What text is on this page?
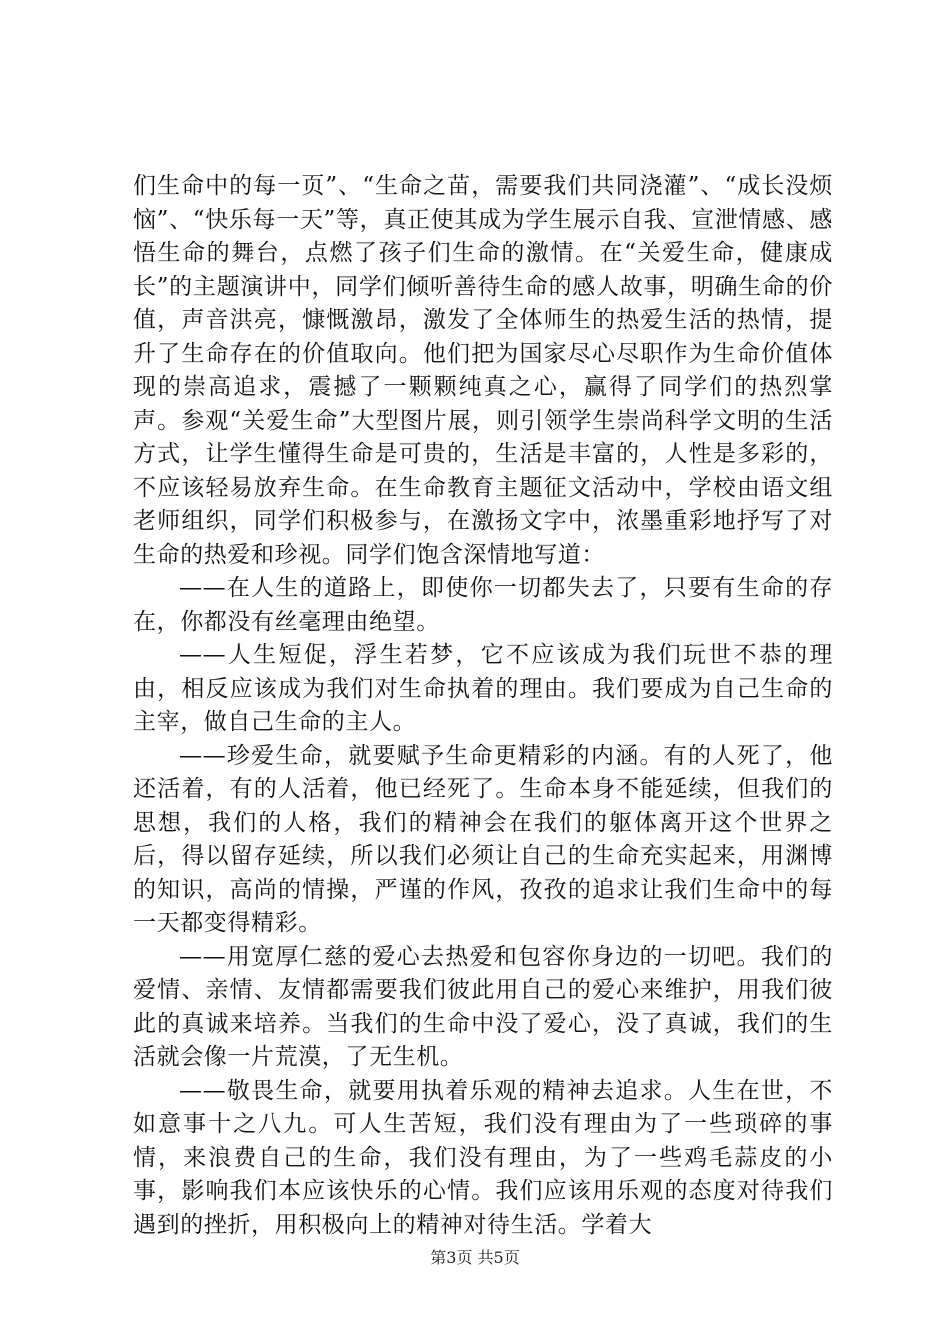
们生命中的每一页”、“生命之苗，需要我们共同浇灌”、“成长没烦恼”、“快乐每一天”等，真正使其成为学生展示自我、宣泄情感、感悟生命的舞台，点燃了孩子们生命的激情。在“关爱生命，健康成长”的主题演讲中，同学们倾听善待生命的感人故事，明确生命的价值，声音洪亮，慷慨激昂，激发了全体师生的热爱生活的热情，提升了生命存在的价值取向。他们把为国家尽心尽职作为生命价值体现的崇高追求，震撼了一颗颗纯真之心，赢得了同学们的热烈掌声。参观“关爱生命”大型图片展，则引领学生崇尚科学文明的生活方式，让学生懂得生命是可贵的，生活是丰富的，人性是多彩的，不应该轻易放弃生命。在生命教育主题征文活动中，学校由语文组老师组织，同学们积极参与，在激扬文字中，浓墨重彩地抒写了对生命的热爱和珍视。同学们饱含深情地写道：

——在人生的道路上，即使你一切都失去了，只要有生命的存在，你都没有丝毫理由绝望。

——人生短促，浮生若梦，它不应该成为我们玩世不恭的理由，相反应该成为我们对生命执着的理由。我们要成为自己生命的主宰，做自己生命的主人。

——珍爱生命，就要赋予生命更精彩的内涵。有的人死了，他还活着，有的人活着，他已经死了。生命本身不能延续，但我们的思想，我们的人格，我们的精神会在我们的躯体离开这个世界之后，得以留存延续，所以我们必须让自己的生命充实起来，用渊博的知识，高尚的情操，严谨的作风，孜孜的追求让我们生命中的每一天都变得精彩。

——用宽厚仁慈的爱心去热爱和包容你身边的一切吧。我们的爱情、亲情、友情都需要我们彼此用自己的爱心来维护，用我们彼此的真诚来培养。当我们的生命中没了爱心，没了真诚，我们的生活就会像一片荒漠，了无生机。

——敬畏生命，就要用执着乐观的精神去追求。人生在世，不如意事十之八九。可人生苦短，我们没有理由为了一些琐碎的事情，来浪费自己的生命，我们没有理由，为了一些鸡毛蒜皮的小事，影响我们本应该快乐的心情。我们应该用乐观的态度对待我们遇到的挫折，用积极向上的精神对待生活。学着大

第3页 共5页
